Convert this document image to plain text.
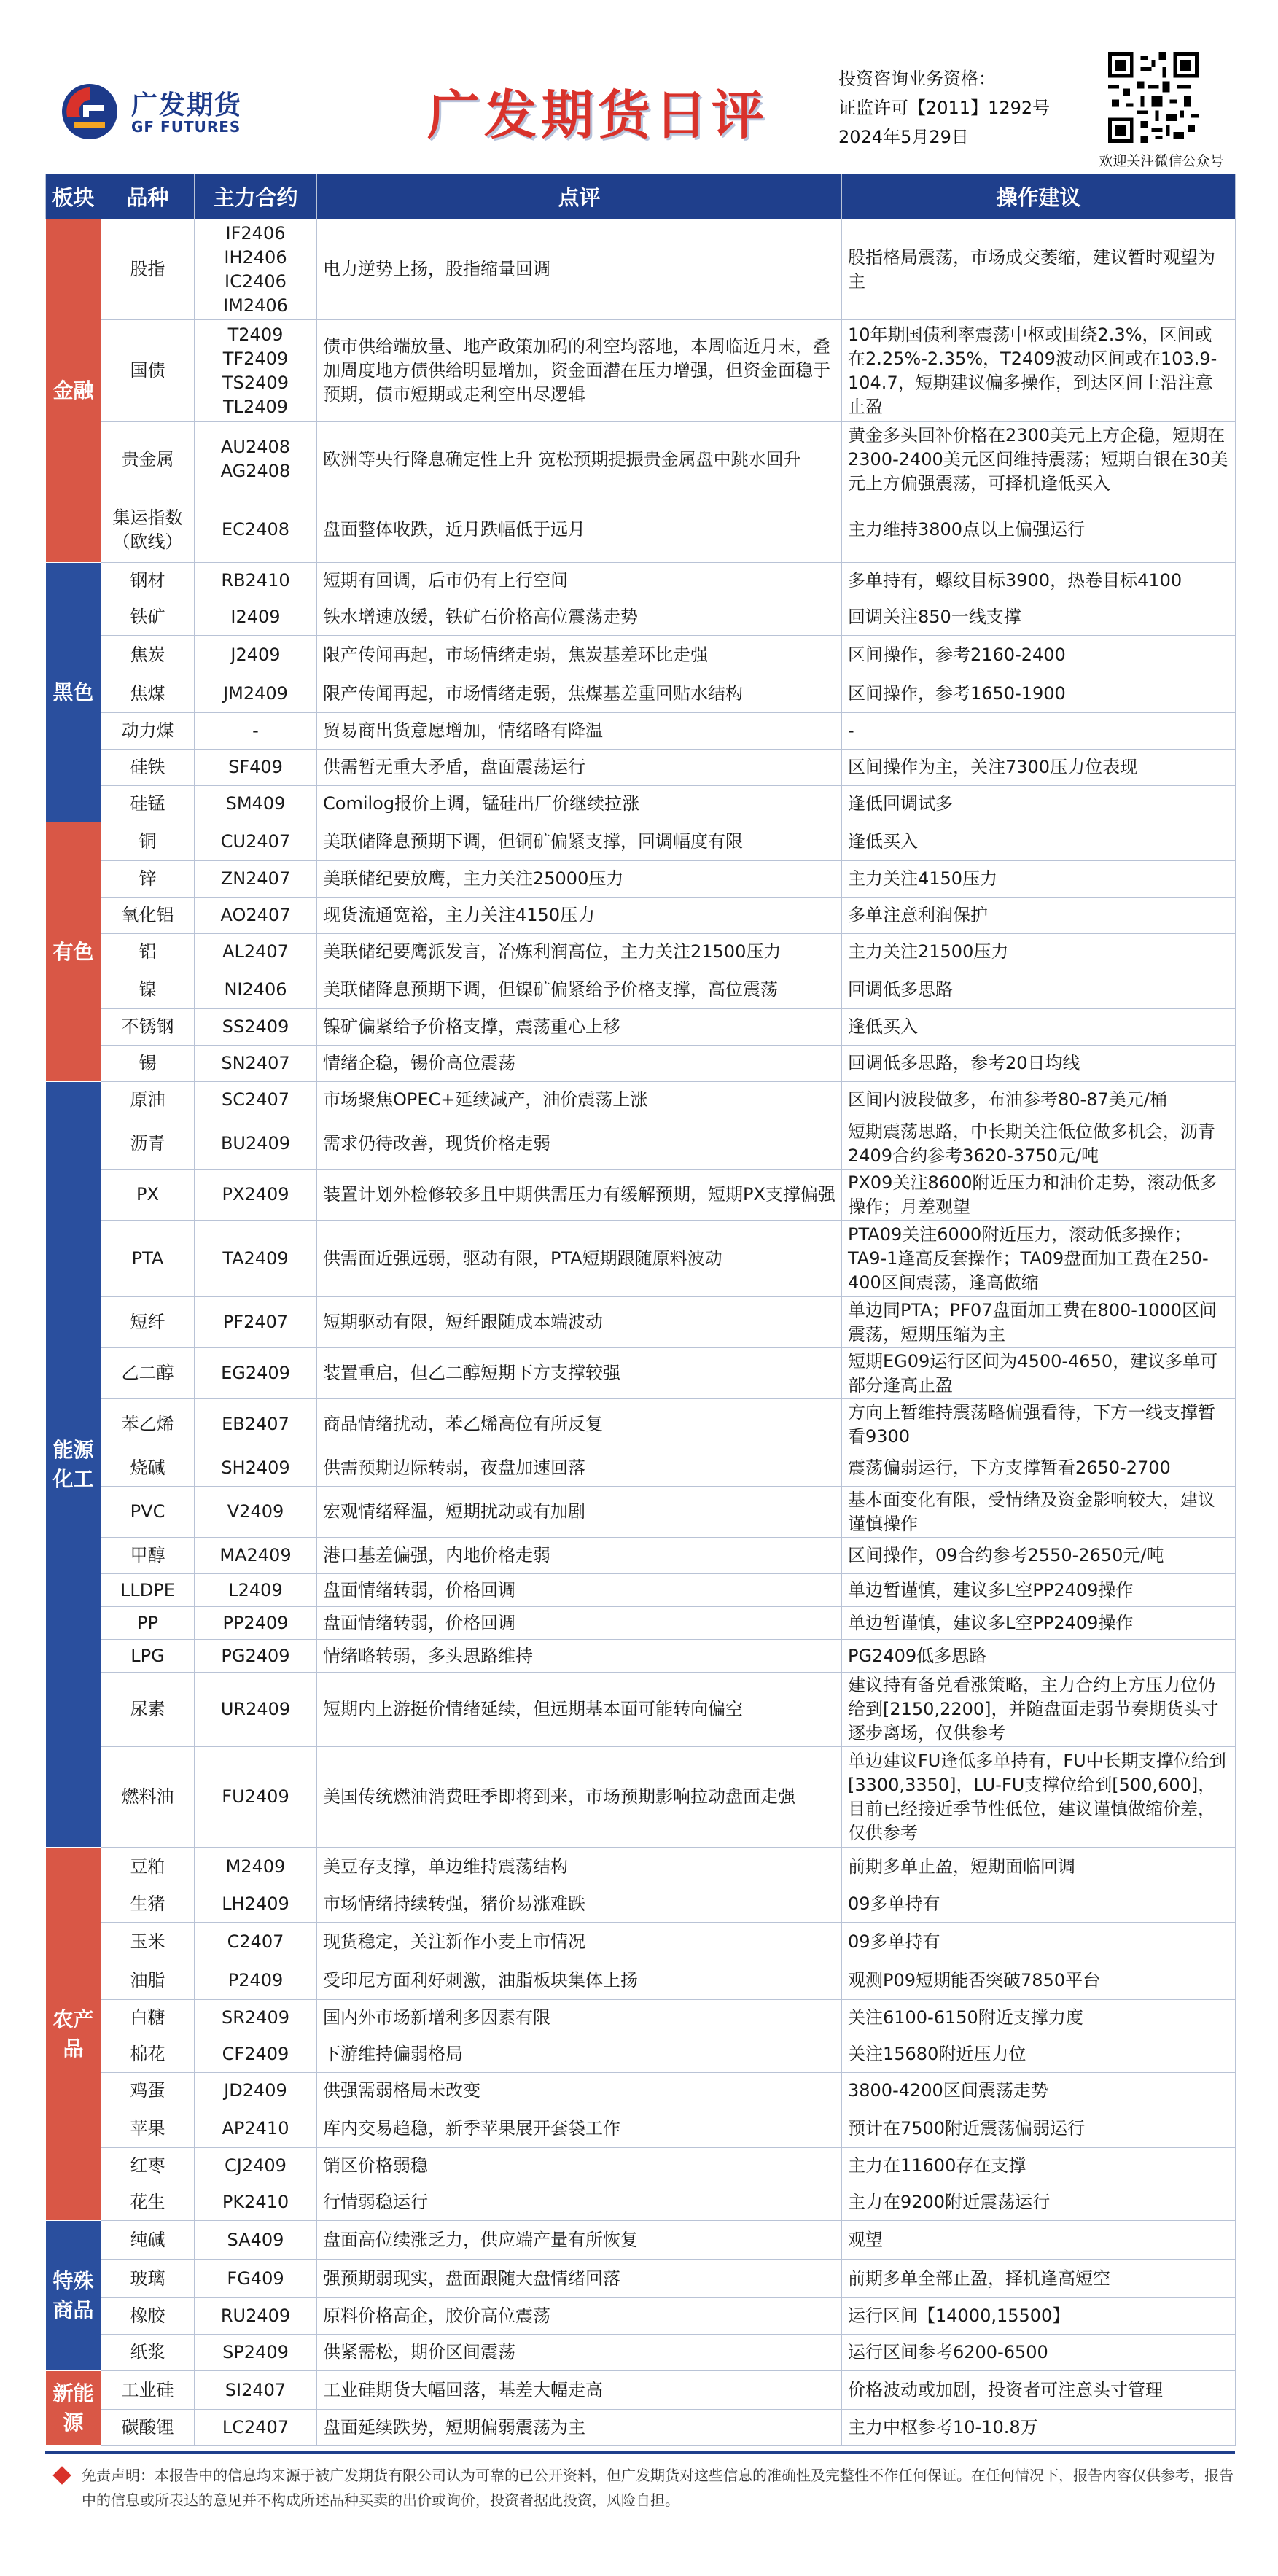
广发期货
GF FUTURES	广发期货日评
投资咨询业务资格：
证监许可【2011】1292号
2024年5月29日
欢迎关注微信公众号
板块	品种	主力合约	点评	操作建议
金融	股指	IF2406
IH2406
IC2406
IM2406	电力逆势上扬，股指缩量回调	股指格局震荡，市场成交萎缩，建议暂时观望为主
	国债	T2409
TF2409
TS2409
TL2409	债市供给端放量、地产政策加码的利空均落地，本周临近月末，叠加周度地方债供给明显增加，资金面潜在压力增强，但资金面稳于预期，债市短期或走利空出尽逻辑	10年期国债利率震荡中枢或围绕2.3%，区间或在2.25%-2.35%，T2409波动区间或在103.9-104.7，短期建议偏多操作，到达区间上沿注意止盈
	贵金属	AU2408
AG2408	欧洲等央行降息确定性上升 宽松预期提振贵金属盘中跳水回升	黄金多头回补价格在2300美元上方企稳，短期在2300-2400美元区间维持震荡；短期白银在30美元上方偏强震荡，可择机逢低买入
	集运指数（欧线）	EC2408	盘面整体收跌，近月跌幅低于远月	主力维持3800点以上偏强运行
黑色	钢材	RB2410	短期有回调，后市仍有上行空间	多单持有，螺纹目标3900，热卷目标4100
	铁矿	I2409	铁水增速放缓，铁矿石价格高位震荡走势	回调关注850一线支撑
	焦炭	J2409	限产传闻再起，市场情绪走弱，焦炭基差环比走强	区间操作，参考2160-2400
	焦煤	JM2409	限产传闻再起，市场情绪走弱，焦煤基差重回贴水结构	区间操作，参考1650-1900
	动力煤	-	贸易商出货意愿增加，情绪略有降温	-
	硅铁	SF409	供需暂无重大矛盾，盘面震荡运行	区间操作为主，关注7300压力位表现
	硅锰	SM409	Comilog报价上调，锰硅出厂价继续拉涨	逢低回调试多
有色	铜	CU2407	美联储降息预期下调，但铜矿偏紧支撑，回调幅度有限	逢低买入
	锌	ZN2407	美联储纪要放鹰，主力关注25000压力	主力关注4150压力
	氧化铝	AO2407	现货流通宽裕，主力关注4150压力	多单注意利润保护
	铝	AL2407	美联储纪要鹰派发言，冶炼利润高位，主力关注21500压力	主力关注21500压力
	镍	NI2406	美联储降息预期下调，但镍矿偏紧给予价格支撑，高位震荡	回调低多思路
	不锈钢	SS2409	镍矿偏紧给予价格支撑，震荡重心上移	逢低买入
	锡	SN2407	情绪企稳，锡价高位震荡	回调低多思路，参考20日均线
能源
化工	原油	SC2407	市场聚焦OPEC+延续减产，油价震荡上涨	区间内波段做多，布油参考80-87美元/桶
	沥青	BU2409	需求仍待改善，现货价格走弱	短期震荡思路，中长期关注低位做多机会，沥青2409合约参考3620-3750元/吨
	PX	PX2409	装置计划外检修较多且中期供需压力有缓解预期，短期PX支撑偏强	PX09关注8600附近压力和油价走势，滚动低多操作；月差观望
	PTA	TA2409	供需面近强远弱，驱动有限，PTA短期跟随原料波动	PTA09关注6000附近压力，滚动低多操作；TA9-1逢高反套操作；TA09盘面加工费在250-400区间震荡，逢高做缩
	短纤	PF2407	短期驱动有限，短纤跟随成本端波动	单边同PTA；PF07盘面加工费在800-1000区间震荡，短期压缩为主
	乙二醇	EG2409	装置重启，但乙二醇短期下方支撑较强	短期EG09运行区间为4500-4650，建议多单可部分逢高止盈
	苯乙烯	EB2407	商品情绪扰动，苯乙烯高位有所反复	方向上暂维持震荡略偏强看待，下方一线支撑暂看9300
	烧碱	SH2409	供需预期边际转弱，夜盘加速回落	震荡偏弱运行，下方支撑暂看2650-2700
	PVC	V2409	宏观情绪释温，短期扰动或有加剧	基本面变化有限，受情绪及资金影响较大，建议谨慎操作
	甲醇	MA2409	港口基差偏强，内地价格走弱	区间操作，09合约参考2550-2650元/吨
	LLDPE	L2409	盘面情绪转弱，价格回调	单边暂谨慎，建议多L空PP2409操作
	PP	PP2409	盘面情绪转弱，价格回调	单边暂谨慎，建议多L空PP2409操作
	LPG	PG2409	情绪略转弱，多头思路维持	PG2409低多思路
	尿素	UR2409	短期内上游挺价情绪延续，但远期基本面可能转向偏空	建议持有备兑看涨策略，主力合约上方压力位仍给到[2150,2200]，并随盘面走弱节奏期货头寸逐步离场，仅供参考
	燃料油	FU2409	美国传统燃油消费旺季即将到来，市场预期影响拉动盘面走强	单边建议FU逢低多单持有，FU中长期支撑位给到[3300,3350]，LU-FU支撑位给到[500,600]，目前已经接近季节性低位，建议谨慎做缩价差，仅供参考
农产品	豆粕	M2409	美豆存支撑，单边维持震荡结构	前期多单止盈，短期面临回调
	生猪	LH2409	市场情绪持续转强，猪价易涨难跌	09多单持有
	玉米	C2407	现货稳定，关注新作小麦上市情况	09多单持有
	油脂	P2409	受印尼方面利好刺激，油脂板块集体上扬	观测P09短期能否突破7850平台
	白糖	SR2409	国内外市场新增利多因素有限	关注6100-6150附近支撑力度
	棉花	CF2409	下游维持偏弱格局	关注15680附近压力位
	鸡蛋	JD2409	供强需弱格局未改变	3800-4200区间震荡走势
	苹果	AP2410	库内交易趋稳，新季苹果展开套袋工作	预计在7500附近震荡偏弱运行
	红枣	CJ2409	销区价格弱稳	主力在11600存在支撑
	花生	PK2410	行情弱稳运行	主力在9200附近震荡运行
特殊
商品	纯碱	SA409	盘面高位续涨乏力，供应端产量有所恢复	观望
	玻璃	FG409	强预期弱现实，盘面跟随大盘情绪回落	前期多单全部止盈，择机逢高短空
	橡胶	RU2409	原料价格高企，胶价高位震荡	运行区间【14000,15500】
	纸浆	SP2409	供紧需松，期价区间震荡	运行区间参考6200-6500
新能源	工业硅	SI2407	工业硅期货大幅回落，基差大幅走高	价格波动或加剧，投资者可注意头寸管理
	碳酸锂	LC2407	盘面延续跌势，短期偏弱震荡为主	主力中枢参考10-10.8万
免责声明：本报告中的信息均来源于被广发期货有限公司认为可靠的已公开资料，但广发期货对这些信息的准确性及完整性不作任何保证。在任何情况下，报告内容仅供参考，报告中的信息或所表达的意见并不构成所述品种买卖的出价或询价，投资者据此投资，风险自担。
